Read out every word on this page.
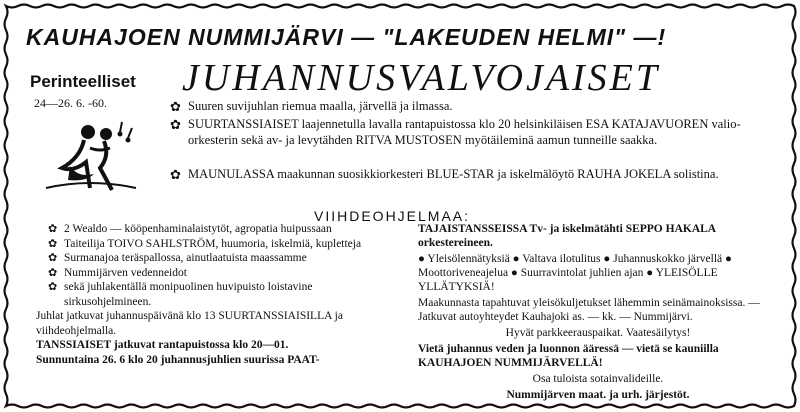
KAUHAJOEN NUMMIJÄRVI — "LAKEUDEN HELMI" —!
Perinteelliset
24—26. 6. -60.
JUHANNUSVALVOJAISET
✿ Suuren suvijuhlan riemua maalla, järvellä ja ilmassa.
✿ SUURTANSSIAISET laajennetulla lavalla rantapuistossa klo 20 helsinkiläisen ESA KATAJAVUOREN valio-orkesterin sekä av- ja levytähden RITVA MUSTOSEN myötäileminä aamun tunneille saakka.
✿ MAUNULASSA maakunnan suosikkiorkesteri BLUE-STAR ja iskelmälöytö RAUHA JOKELA solistina.
VIIHDEOHJELMAA:
✿ 2 Wealdo — kööpenhaminalaistytöt, agropatia huipussaan
✿ Taiteilija TOIVO SAHLSTRÖM, huumoria, iskelmiä, kupletteja
✿ Surmanajoa teräspallossa, ainutlaatuista maassamme
✿ Nummijärven vedenneidot
✿ sekä juhlakentällä monipuolinen huvipuisto loistavine sirkusohjelmineen.
Juhlat jatkuvat juhannuspäivänä klo 13 SUURTANSSIAISILLA ja viihdeohjelmalla.
TANSSIAISET jatkuvat rantapuistossa klo 20—01.
Sunnuntaina 26. 6 klo 20 juhannusjuhlien suurissa PAAT-

TAJAISTANSSEISSA Tv- ja iskelmätähti SEPPO HAKALA orkestereineen.

● Yleisölennätyksiä ● Valtava ilotulitus ● Juhannuskokko järvellä ● Moottoriveneajelua ● Suurravintolat juhlien ajan ● YLEISÖLLE YLLÄTYKSIÄ!

Maakunnasta tapahtuvat yleisökuljetukset lähemmin seinämainoksissa. — Jatkuvat autoyhteydet Kauhajoki as. — kk. — Nummijärvi.

Hyvät parkkeerauspaikat. Vaatesäilytys!

Vietä juhannus veden ja luonnon ääressä — vietä se kauniilla KAUHAJOEN NUMMIJÄRVELLÄ!

Osa tuloista sotainvalideille.

Nummijärven maat. ja urh. järjestöt.
